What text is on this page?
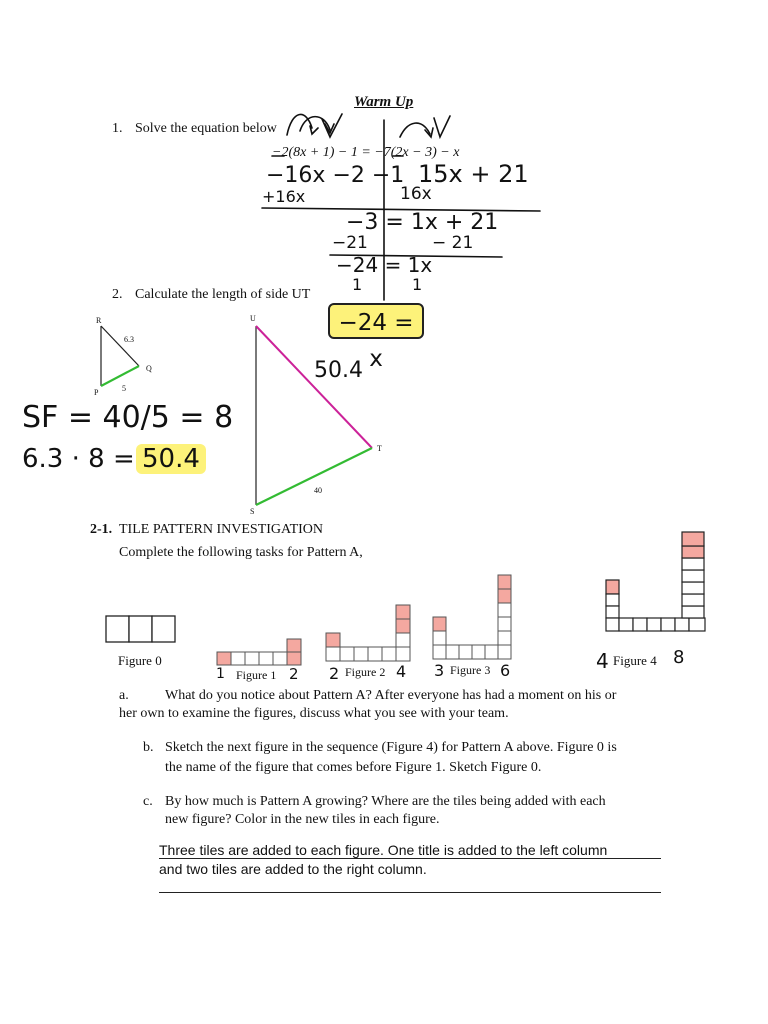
Warm Up
1. Solve the equation below
−2(8x + 1) − 1 = −7(2x − 3) − x
2. Calculate the length of side UT
−16x −2 −1 15x + 21
+16x	16x
−3 = 1x + 21
−21	− 21
−24 = 1x
1	1
−24 = x
R
6.3
Q
5
P
U
T
40
S
50.4
SF = 40/5 = 8
6.3 · 8 = 50.4
2-1. TILE PATTERN INVESTIGATION
Complete the following tasks for Pattern A,
Figure 0
Figure 1	Figure 2	Figure 3
Figure 4
1	2 2	4 3	6	4	8
a.	What do you notice about Pattern A? After everyone has had a moment on his or
her own to examine the figures, discuss what you see with your team.
b. Sketch the next figure in the sequence (Figure 4) for Pattern A above. Figure 0 is
the name of the figure that comes before Figure 1. Sketch Figure 0.
c. By how much is Pattern A growing? Where are the tiles being added with each
new figure? Color in the new tiles in each figure.
Three tiles are added to each figure. One title is added to the left column
and two tiles are added to the right column.
